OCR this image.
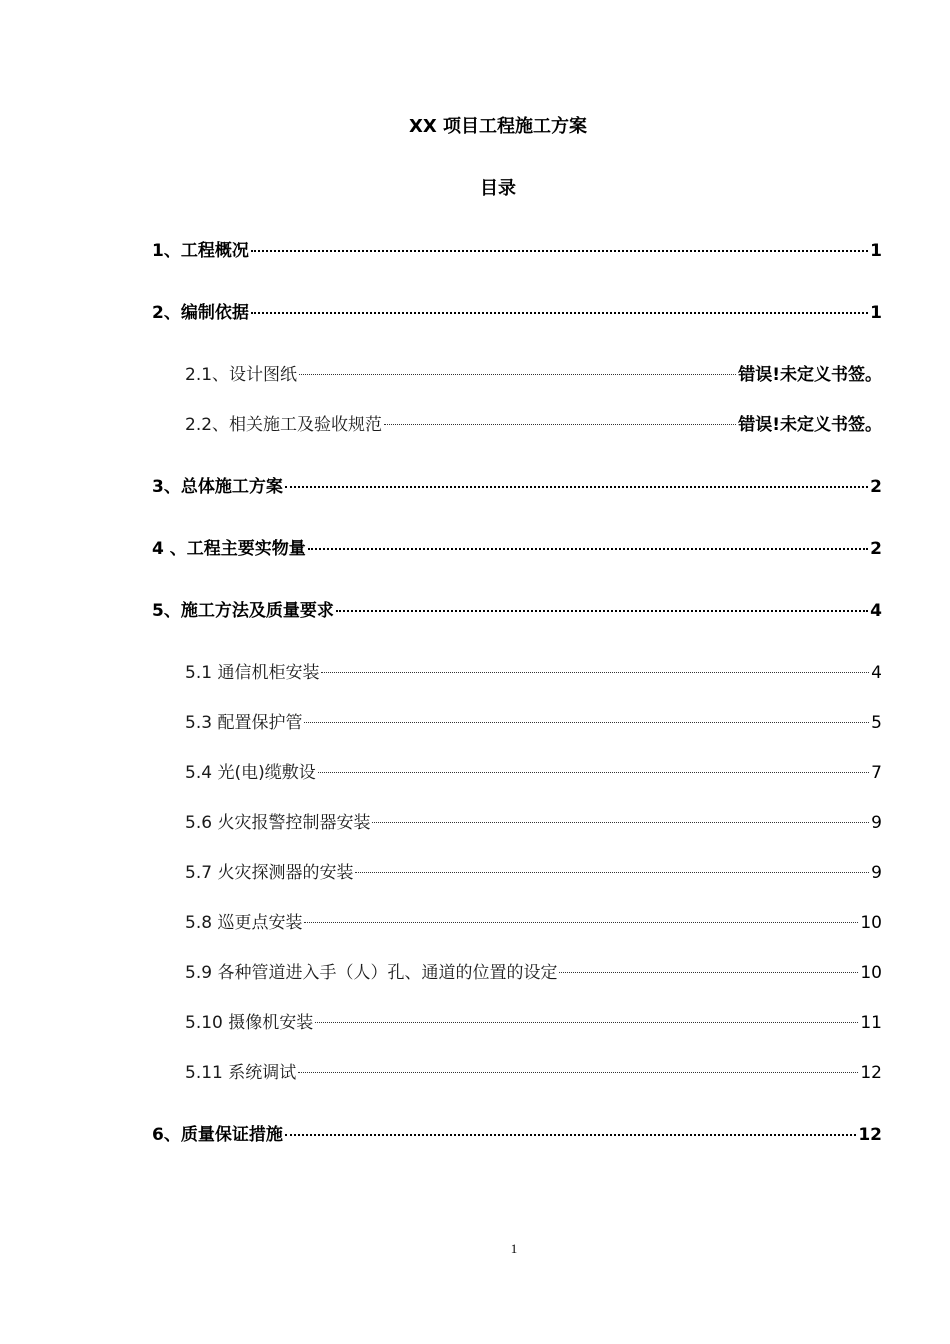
XX 项目工程施工方案
目录
1、工程概况	1
2、编制依据	1
2.1、设计图纸	错误!未定义书签。
2.2、相关施工及验收规范	错误!未定义书签。
3、总体施工方案	2
4 、工程主要实物量	2
5、施工方法及质量要求	4
5.1 通信机柜安装	4
5.3 配置保护管	5
5.4 光(电)缆敷设	7
5.6 火灾报警控制器安装	9
5.7 火灾探测器的安装	9
5.8 巡更点安装	10
5.9 各种管道进入手（人）孔、通道的位置的设定	10
5.10 摄像机安装	11
5.11 系统调试	12
6、质量保证措施	12
1
